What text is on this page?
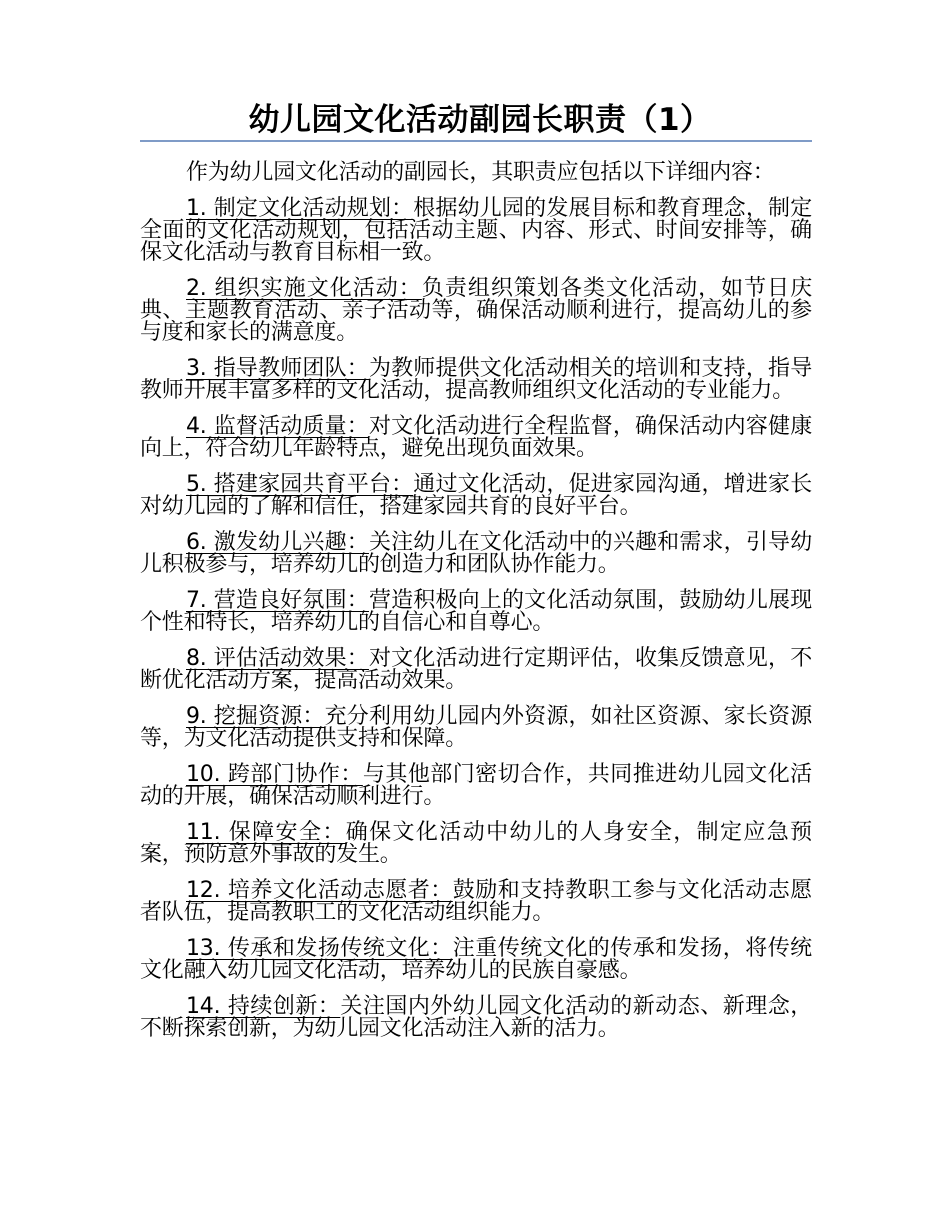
幼儿园文化活动副园长职责（1）

作为幼儿园文化活动的副园长，其职责应包括以下详细内容：

1. 制定文化活动规划：根据幼儿园的发展目标和教育理念，制定全面的文化活动规划，包括活动主题、内容、形式、时间安排等，确保文化活动与教育目标相一致。

2. 组织实施文化活动：负责组织策划各类文化活动，如节日庆典、主题教育活动、亲子活动等，确保活动顺利进行，提高幼儿的参与度和家长的满意度。

3. 指导教师团队：为教师提供文化活动相关的培训和支持，指导教师开展丰富多样的文化活动，提高教师组织文化活动的专业能力。

4. 监督活动质量：对文化活动进行全程监督，确保活动内容健康向上，符合幼儿年龄特点，避免出现负面效果。

5. 搭建家园共育平台：通过文化活动，促进家园沟通，增进家长对幼儿园的了解和信任，搭建家园共育的良好平台。

6. 激发幼儿兴趣：关注幼儿在文化活动中的兴趣和需求，引导幼儿积极参与，培养幼儿的创造力和团队协作能力。

7. 营造良好氛围：营造积极向上的文化活动氛围，鼓励幼儿展现个性和特长，培养幼儿的自信心和自尊心。

8. 评估活动效果：对文化活动进行定期评估，收集反馈意见，不断优化活动方案，提高活动效果。

9. 挖掘资源：充分利用幼儿园内外资源，如社区资源、家长资源等，为文化活动提供支持和保障。

10. 跨部门协作：与其他部门密切合作，共同推进幼儿园文化活动的开展，确保活动顺利进行。

11. 保障安全：确保文化活动中幼儿的人身安全，制定应急预案，预防意外事故的发生。

12. 培养文化活动志愿者：鼓励和支持教职工参与文化活动志愿者队伍，提高教职工的文化活动组织能力。

13. 传承和发扬传统文化：注重传统文化的传承和发扬，将传统文化融入幼儿园文化活动，培养幼儿的民族自豪感。

14. 持续创新：关注国内外幼儿园文化活动的新动态、新理念，不断探索创新，为幼儿园文化活动注入新的活力。
